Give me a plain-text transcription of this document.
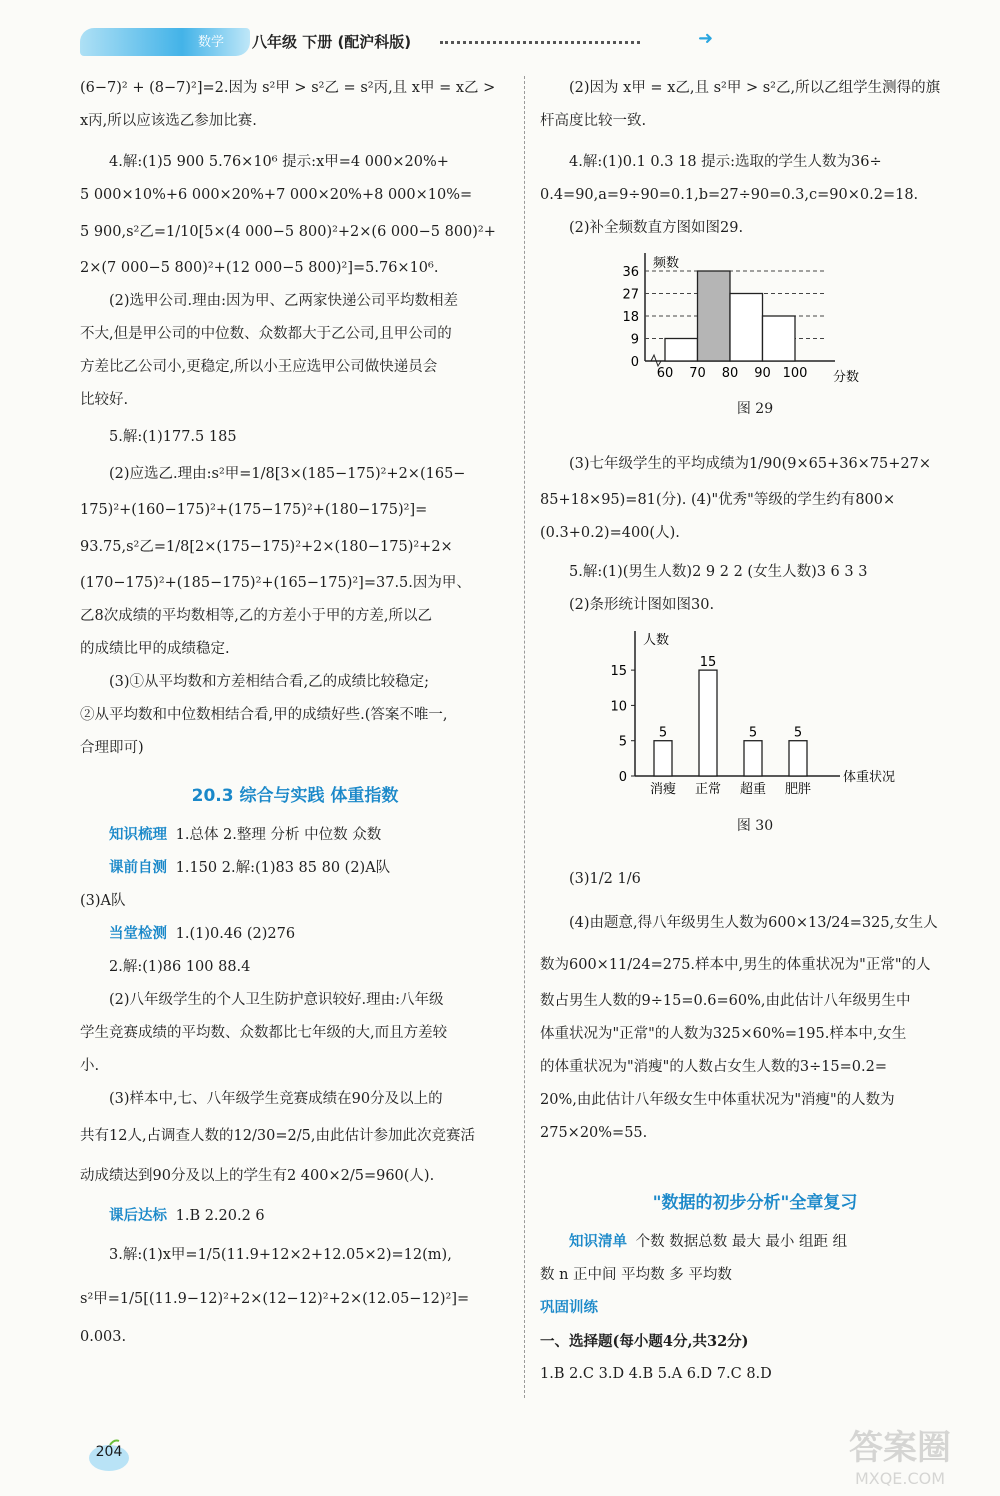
数学 八年级 下册 (配沪科版)	➜

(6−7)² + (8−7)²]=2.因为 s²甲 > s²乙 = s²丙,且 x甲 = x乙 >

x丙,所以应该选乙参加比赛.

4.解:(1)5 900 5.76×10⁶ 提示:x甲=4 000×20%+

5 000×10%+6 000×20%+7 000×20%+8 000×10%=

5 900,s²乙=1/10[5×(4 000−5 800)²+2×(6 000−5 800)²+

2×(7 000−5 800)²+(12 000−5 800)²]=5.76×10⁶.

(2)选甲公司.理由:因为甲、乙两家快递公司平均数相差

不大,但是甲公司的中位数、众数都大于乙公司,且甲公司的

方差比乙公司小,更稳定,所以小王应选甲公司做快递员会

比较好.

5.解:(1)177.5 185

(2)应选乙.理由:s²甲=1/8[3×(185−175)²+2×(165−

175)²+(160−175)²+(175−175)²+(180−175)²]=

93.75,s²乙=1/8[2×(175−175)²+2×(180−175)²+2×

(170−175)²+(185−175)²+(165−175)²]=37.5.因为甲、

乙8次成绩的平均数相等,乙的方差小于甲的方差,所以乙

的成绩比甲的成绩稳定.

(3)①从平均数和方差相结合看,乙的成绩比较稳定;

②从平均数和中位数相结合看,甲的成绩好些.(答案不唯一,

合理即可)

20.3 综合与实践 体重指数

知识梳理 1.总体 2.整理 分析 中位数 众数

课前自测 1.150 2.解:(1)83 85 80 (2)A队

(3)A队

当堂检测 1.(1)0.46 (2)276

2.解:(1)86 100 88.4

(2)八年级学生的个人卫生防护意识较好.理由:八年级

学生竞赛成绩的平均数、众数都比七年级的大,而且方差较

小.

(3)样本中,七、八年级学生竞赛成绩在90分及以上的

共有12人,占调查人数的12/30=2/5,由此估计参加此次竞赛活

动成绩达到90分及以上的学生有2 400×2/5=960(人).

课后达标 1.B 2.20.2 6

3.解:(1)x甲=1/5(11.9+12×2+12.05×2)=12(m),

s²甲=1/5[(11.9−12)²+2×(12−12)²+2×(12.05−12)²]=

0.003.

(2)因为 x甲 = x乙,且 s²甲 > s²乙,所以乙组学生测得的旗

杆高度比较一致.

4.解:(1)0.1 0.3 18 提示:选取的学生人数为36÷

0.4=90,a=9÷90=0.1,b=27÷90=0.3,c=90×0.2=18.

(2)补全频数直方图如图29.

0
9
18
27
36
60 70 80 90 100
频数
分数

图 29

(3)七年级学生的平均成绩为1/90(9×65+36×75+27×

85+18×95)=81(分). (4)"优秀"等级的学生约有800×

(0.3+0.2)=400(人).

5.解:(1)(男生人数)2 9 2 2 (女生人数)3 6 3 3

(2)条形统计图如图30.

0
5
10
15
5
消瘦
15
正常
5
超重
5
肥胖
人数
体重状况

图 30

(3)1/2 1/6

(4)由题意,得八年级男生人数为600×13/24=325,女生人

数为600×11/24=275.样本中,男生的体重状况为"正常"的人

数占男生人数的9÷15=0.6=60%,由此估计八年级男生中

体重状况为"正常"的人数为325×60%=195.样本中,女生

的体重状况为"消瘦"的人数占女生人数的3÷15=0.2=

20%,由此估计八年级女生中体重状况为"消瘦"的人数为

275×20%=55.

"数据的初步分析"全章复习

知识清单 个数 数据总数 最大 最小 组距 组

数 n 正中间 平均数 多 平均数

巩固训练

一、选择题(每小题4分,共32分)

1.B 2.C 3.D 4.B 5.A 6.D 7.C 8.D

204	答案圈
MXQE.COM
